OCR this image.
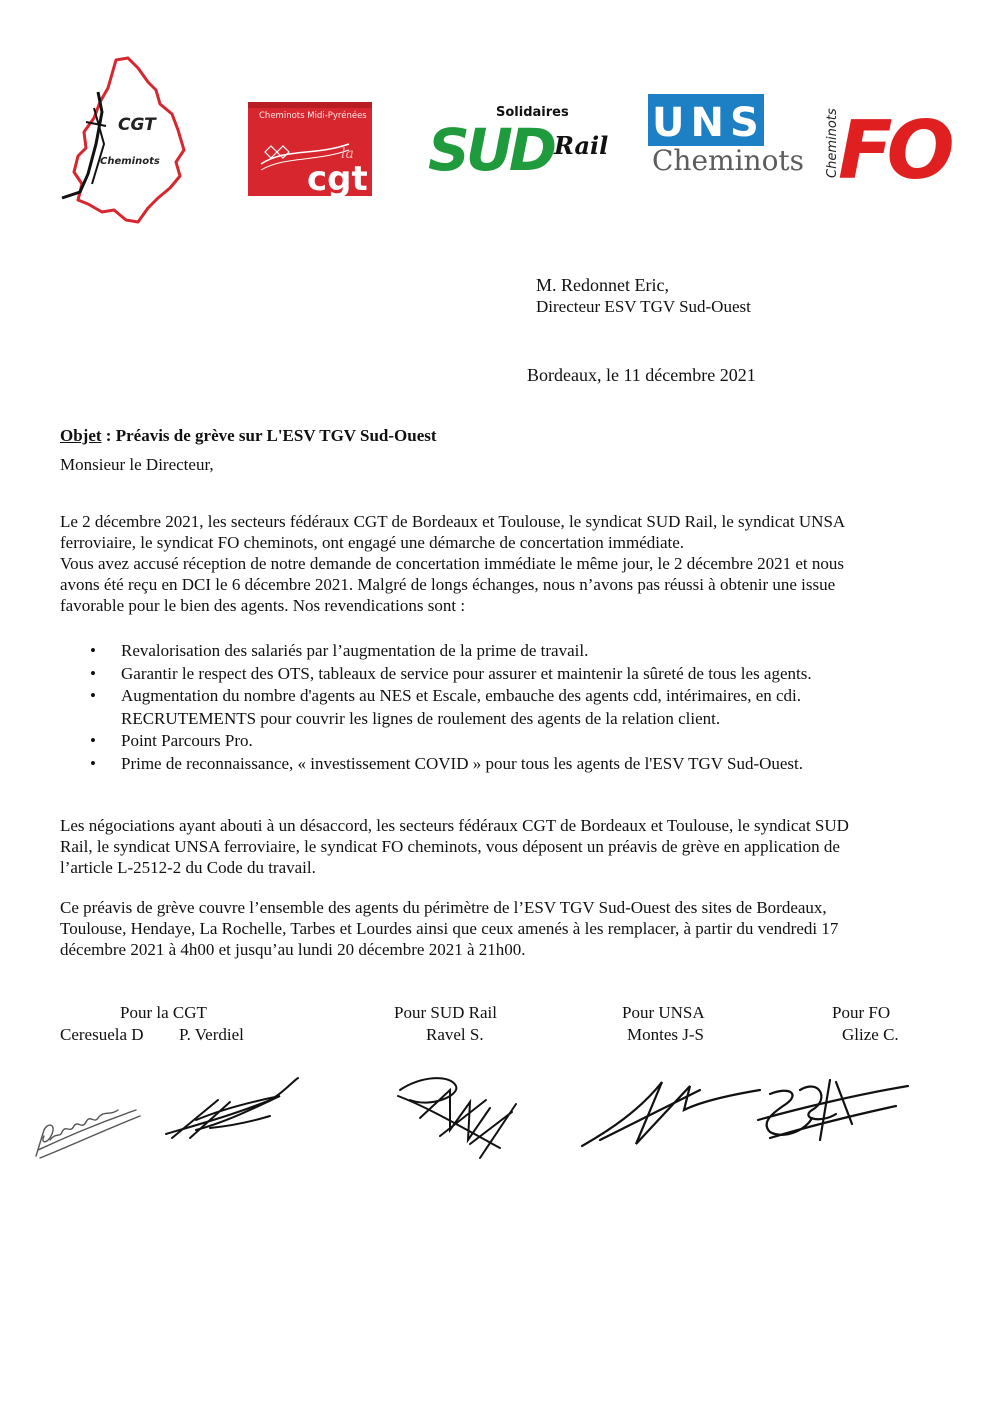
CGT
Cheminots
Cheminots Midi-Pyrénées
la
cgt
Solidaires
SUD Rail UNSA
Cheminots Cheminots
FO
M. Redonnet Eric,
Directeur ESV TGV Sud-Ouest
Bordeaux, le 11 décembre 2021
Objet : Préavis de grève sur L'ESV TGV Sud-Ouest
Monsieur le Directeur,
Le 2 décembre 2021, les secteurs fédéraux CGT de Bordeaux et Toulouse, le syndicat SUD Rail, le syndicat UNSA
ferroviaire, le syndicat FO cheminots, ont engagé une démarche de concertation immédiate.
Vous avez accusé réception de notre demande de concertation immédiate le même jour, le 2 décembre 2021 et nous
avons été reçu en DCI le 6 décembre 2021. Malgré de longs échanges, nous n’avons pas réussi à obtenir une issue
favorable pour le bien des agents. Nos revendications sont :
• Revalorisation des salariés par l’augmentation de la prime de travail.
• Garantir le respect des OTS, tableaux de service pour assurer et maintenir la sûreté de tous les agents.
• Augmentation du nombre d'agents au NES et Escale, embauche des agents cdd, intérimaires, en cdi.
RECRUTEMENTS pour couvrir les lignes de roulement des agents de la relation client.
• Point Parcours Pro.
• Prime de reconnaissance, « investissement COVID » pour tous les agents de l'ESV TGV Sud-Ouest.
Les négociations ayant abouti à un désaccord, les secteurs fédéraux CGT de Bordeaux et Toulouse, le syndicat SUD
Rail, le syndicat UNSA ferroviaire, le syndicat FO cheminots, vous déposent un préavis de grève en application de
l’article L-2512-2 du Code du travail.
Ce préavis de grève couvre l’ensemble des agents du périmètre de l’ESV TGV Sud-Ouest des sites de Bordeaux,
Toulouse, Hendaye, La Rochelle, Tarbes et Lourdes ainsi que ceux amenés à les remplacer, à partir du vendredi 17
décembre 2021 à 4h00 et jusqu’au lundi 20 décembre 2021 à 21h00.
Pour la CGT
Ceresuela D P. Verdiel
Pour SUD Rail
Ravel S.
Pour UNSA
Montes J-S
Pour FO
Glize C.
